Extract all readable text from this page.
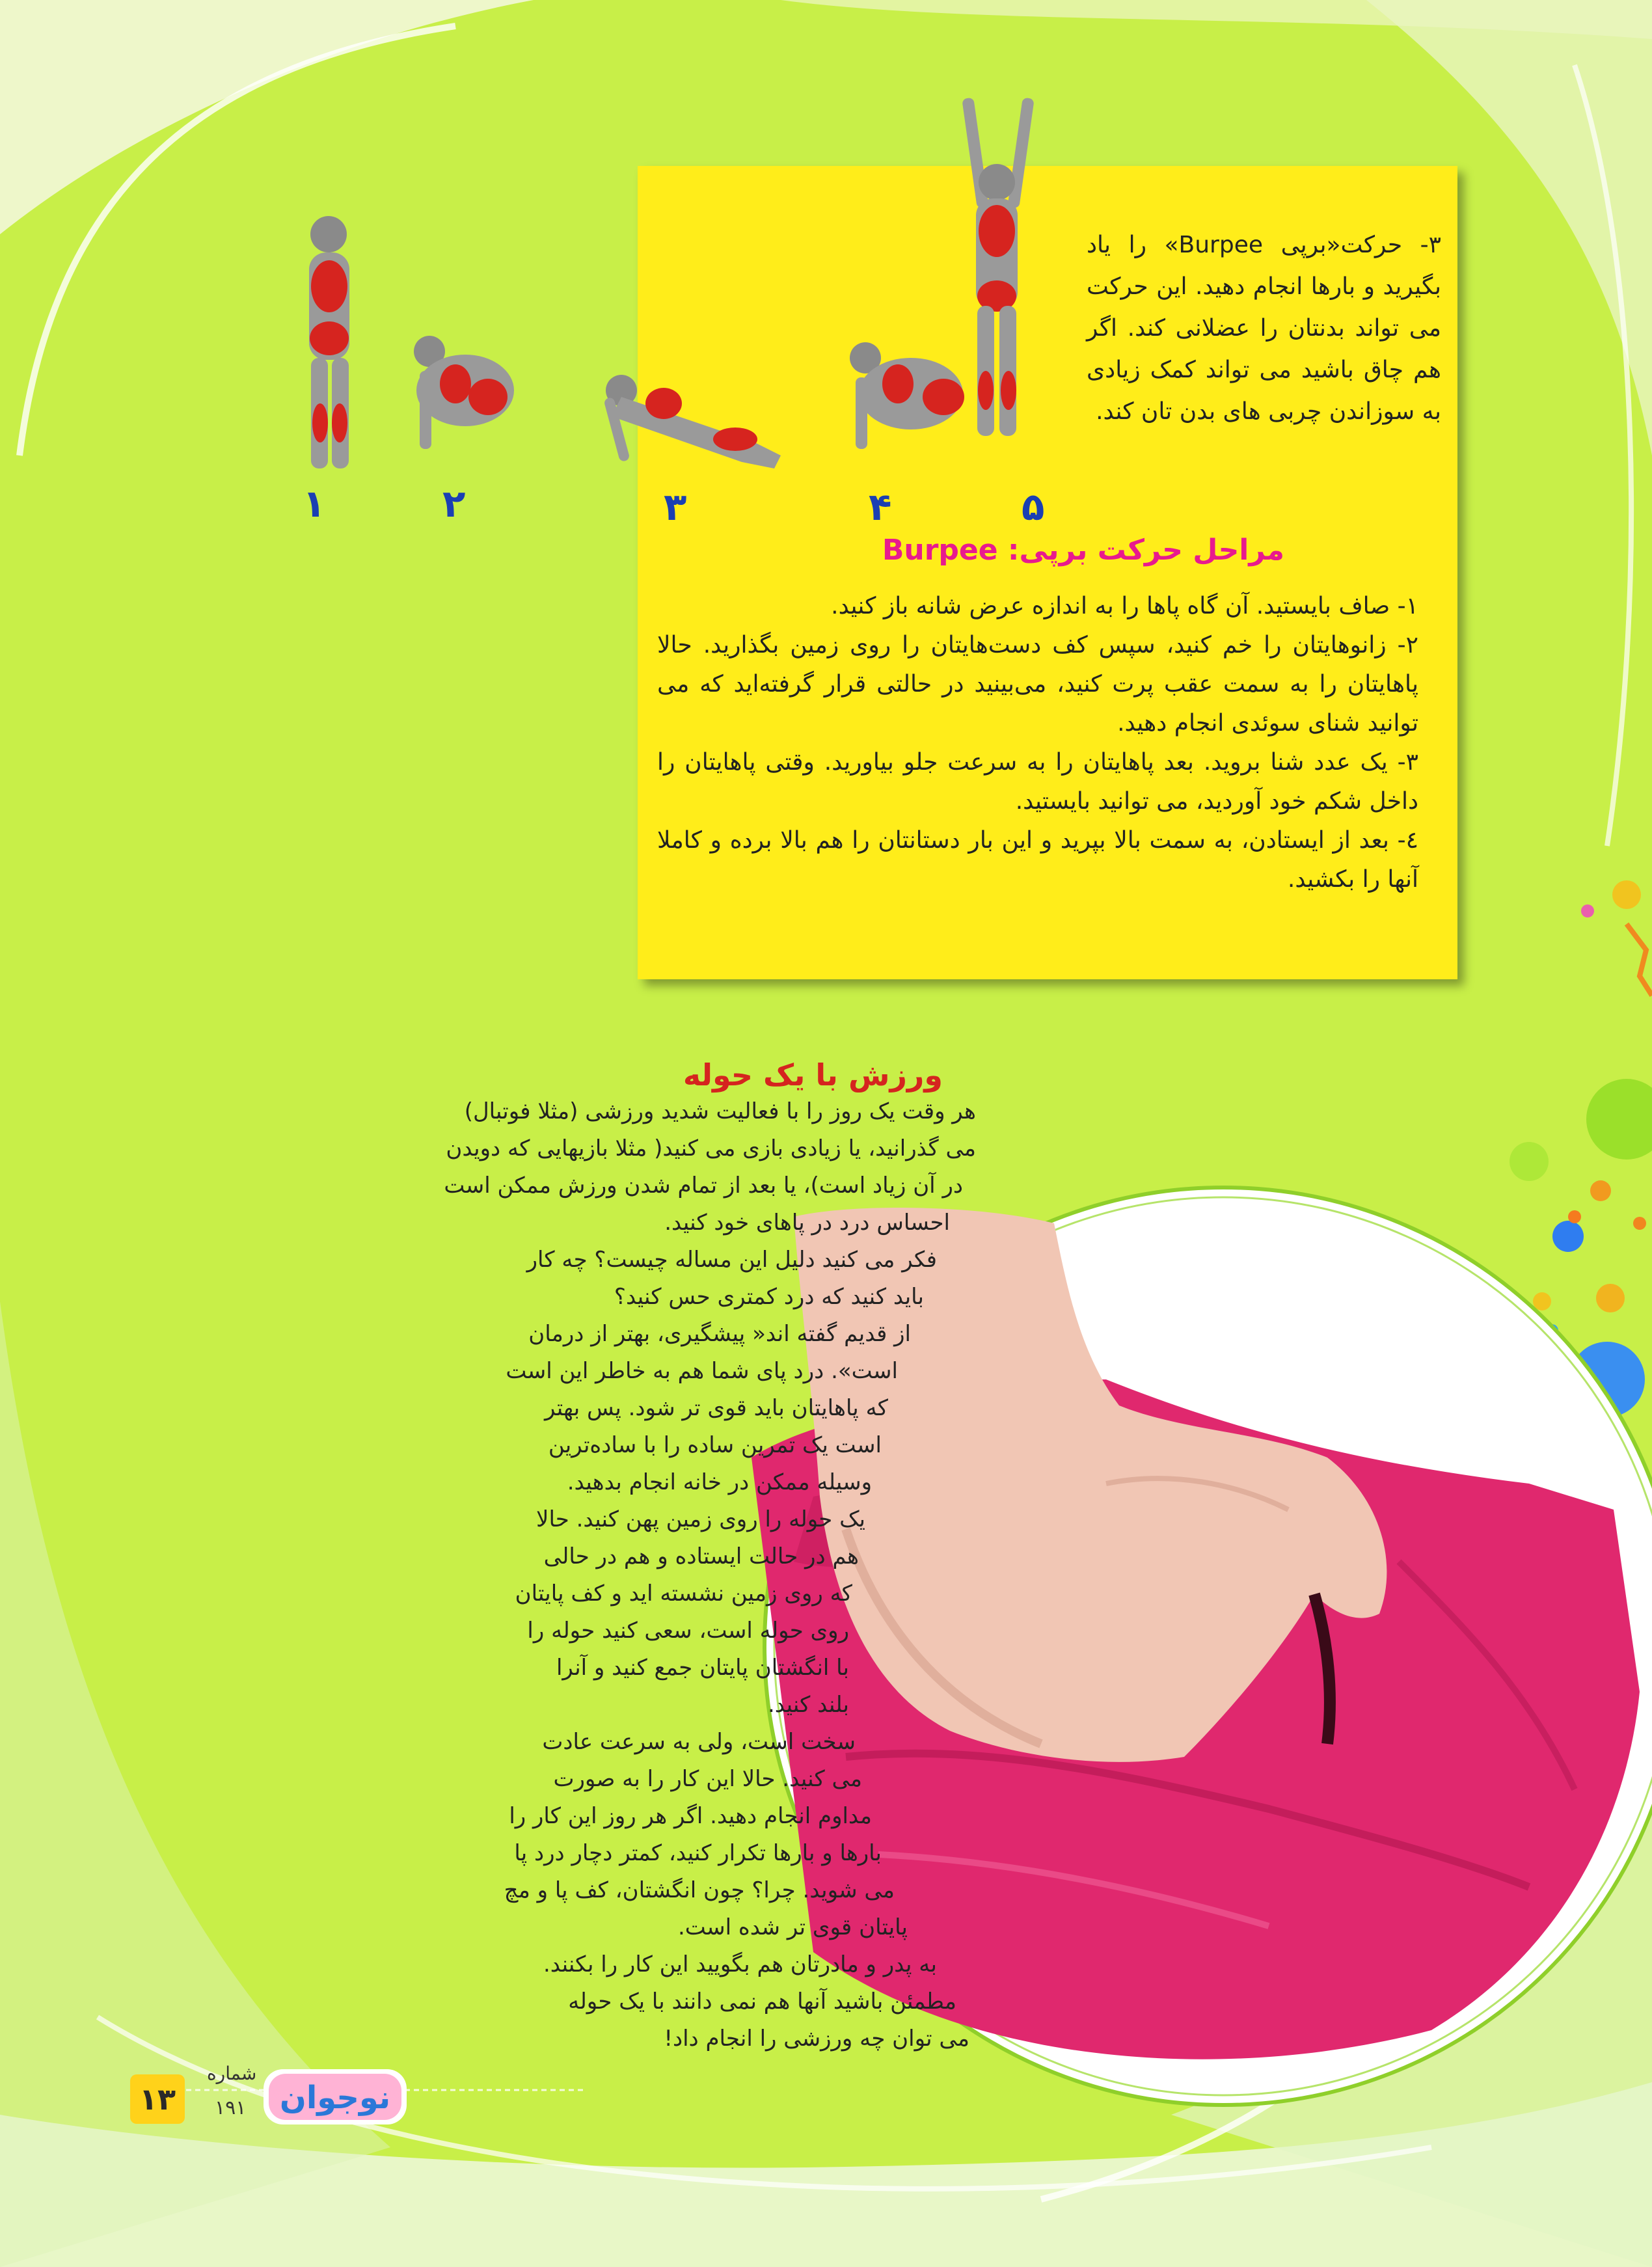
۱	۲	۳	۴	۵
۳- حرکت«برپی Burpee» را یاد بگیرید و بارها انجام دهید. این حرکت می تواند بدنتان را عضلانی کند. اگر هم چاق باشید می تواند کمک زیادی به سوزاندن چربی های بدن تان کند.
مراحل حرکت برپی: Burpee

۱- صاف بایستید. آن گاه پاها را به اندازه عرض شانه باز کنید.

۲- زانوهایتان را خم کنید، سپس کف دست‌هایتان را روی زمین بگذارید. حالا پاهایتان را به سمت عقب پرت کنید، می‌بینید در حالتی قرار گرفته‌اید که می توانید شنای سوئدی انجام دهید.

۳- یک عدد شنا بروید. بعد پاهایتان را به سرعت جلو بیاورید. وقتی پاهایتان را داخل شکم خود آوردید، می توانید بایستید.

٤- بعد از ایستادن، به سمت بالا بپرید و این بار دستانتان را هم بالا برده و کاملا آنها را بکشید.

ورزش با یک حوله
هر وقت یک روز را با فعالیت شدید ورزشی (مثلا فوتبال)
می گذرانید، یا زیادی بازی می کنید( مثلا بازیهایی که دویدن
در آن زیاد است)، یا بعد از تمام شدن ورزش ممکن است
احساس درد در پاهای خود کنید.
فکر می کنید دلیل این مساله چیست؟ چه کار
باید کنید که درد کمتری حس کنید؟
از قدیم گفته اند« پیشگیری، بهتر از درمان
است». درد پای شما هم به خاطر این است
که پاهایتان باید قوی تر شود. پس بهتر
است یک تمرین ساده را با ساده‌ترین
وسیله ممکن در خانه انجام بدهید.
یک حوله را روی زمین پهن کنید. حالا
هم در حالت ایستاده و هم در حالی
که روی زمین نشسته اید و کف پایتان
روی حوله است، سعی کنید حوله را
با انگشتان پایتان جمع کنید و آنرا
بلند کنید.
سخت است، ولی به سرعت عادت
می کنید. حالا این کار را به صورت
مداوم انجام دهید. اگر هر روز این کار را
بارها و بارها تکرار کنید، کمتر دچار درد پا
می شوید. چرا؟ چون انگشتان، کف پا و مچ
پایتان قوی تر شده است.
به پدر و مادرتان هم بگویید این کار را بکنند.
مطمئن باشید آنها هم نمی دانند با یک حوله
می توان چه ورزشی را انجام داد!
۱۳
شماره
۱۹۱ نوجوان
